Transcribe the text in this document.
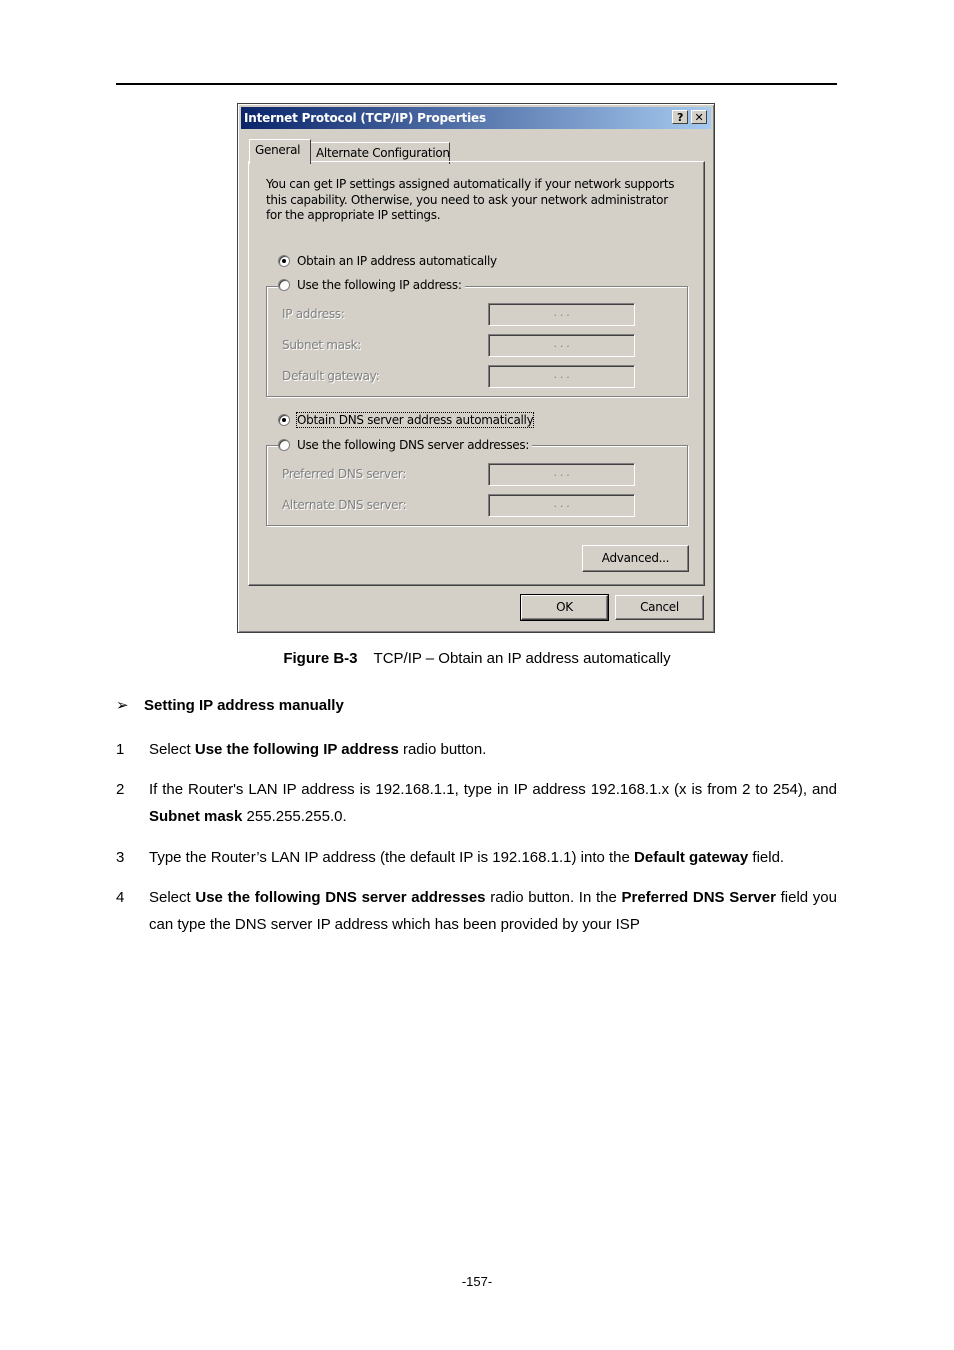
Internet Protocol (TCP/IP) Properties	?	✕
General	Alternate Configuration
You can get IP settings assigned automatically if your network supports this capability. Otherwise, you need to ask your network administrator for the appropriate IP settings.
Obtain an IP address automatically
IP address:	. . .
Subnet mask:	. . .
Default gateway:	. . .
Use the following IP address:
Obtain DNS server address automatically
Preferred DNS server:	. . .
Alternate DNS server:	. . .
Use the following DNS server addresses:
Advanced...
OK	Cancel
Figure B-3 TCP/IP – Obtain an IP address automatically
➢ Setting IP address manually
1 Select Use the following IP address radio button.
2 If the Router's LAN IP address is 192.168.1.1, type in IP address 192.168.1.x (x is from 2 to 254), and Subnet mask 255.255.255.0.
3 Type the Router’s LAN IP address (the default IP is 192.168.1.1) into the Default gateway field.
4 Select Use the following DNS server addresses radio button. In the Preferred DNS Server field you can type the DNS server IP address which has been provided by your ISP
-157-
